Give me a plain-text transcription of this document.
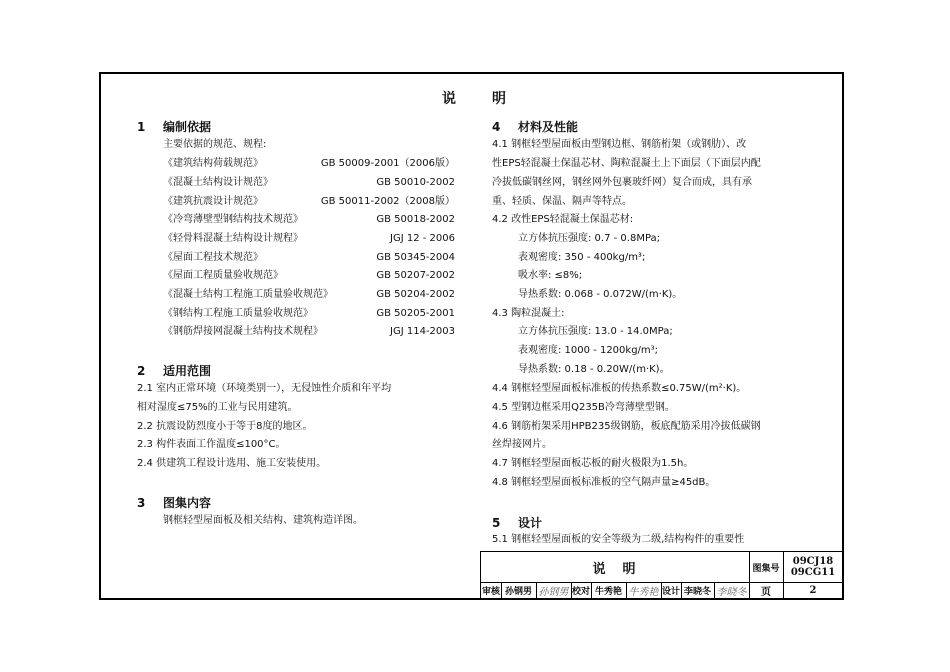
说 明
1 编制依据
主要依据的规范、规程:
《建筑结构荷载规范》	GB 50009-2001（2006版）
《混凝土结构设计规范》	GB 50010-2002
《建筑抗震设计规范》	GB 50011-2002（2008版）
《冷弯薄壁型钢结构技术规范》	GB 50018-2002
《轻骨料混凝土结构设计规程》	JGJ 12 - 2006
《屋面工程技术规范》	GB 50345-2004
《屋面工程质量验收规范》	GB 50207-2002
《混凝土结构工程施工质量验收规范》	GB 50204-2002
《钢结构工程施工质量验收规范》	GB 50205-2001
《钢筋焊接网混凝土结构技术规程》	JGJ 114-2003
2 适用范围
2.1 室内正常环境（环境类别一），无侵蚀性介质和年平均
相对湿度≤75%的工业与民用建筑。
2.2 抗震设防烈度小于等于8度的地区。
2.3 构件表面工作温度≤100°C。
2.4 供建筑工程设计选用、施工安装使用。
3 图集内容
钢框轻型屋面板及相关结构、建筑构造详图。
4 材料及性能
4.1 钢框轻型屋面板由型钢边框、钢筋桁架（或钢肋）、改
性EPS轻混凝土保温芯材、陶粒混凝土上下面层（下面层内配
冷拔低碳钢丝网，钢丝网外包裹玻纤网）复合而成，具有承
重、轻质、保温、隔声等特点。
4.2 改性EPS轻混凝土保温芯材:
立方体抗压强度: 0.7 - 0.8MPa;
表观密度: 350 - 400kg/m³;
吸水率: ≤8%;
导热系数: 0.068 - 0.072W/(m·K)。
4.3 陶粒混凝土:
立方体抗压强度: 13.0 - 14.0MPa;
表观密度: 1000 - 1200kg/m³;
导热系数: 0.18 - 0.20W/(m·K)。
4.4 钢框轻型屋面板标准板的传热系数≤0.75W/(m²·K)。
4.5 型钢边框采用Q235B冷弯薄壁型钢。
4.6 钢筋桁架采用HPB235级钢筋，板底配筋采用冷拔低碳钢
丝焊接网片。
4.7 钢框轻型屋面板芯板的耐火极限为1.5h。
4.8 钢框轻型屋面板标准板的空气隔声量≥45dB。
5 设计
5.1 钢框轻型屋面板的安全等级为二级,结构构件的重要性
说　明	图集号
09CJ18
09CG11
审核 孙钢男 孙钢男 校对 牛秀艳 牛秀艳 设计 李晓冬 李晓冬	页	2
